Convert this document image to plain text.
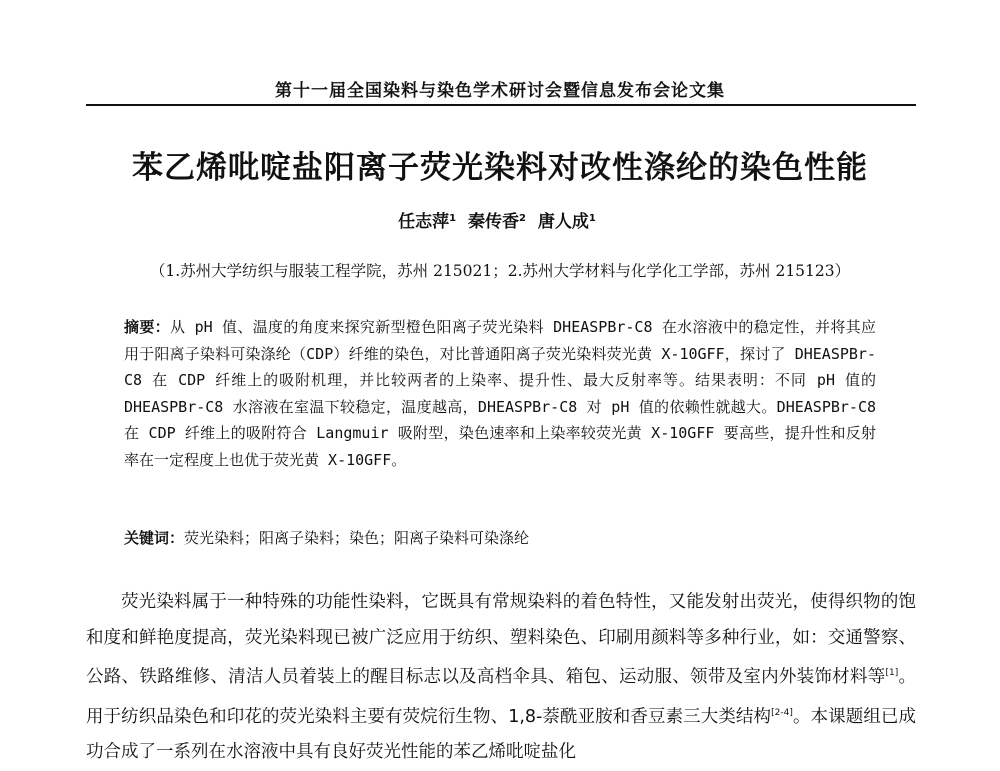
第十一届全国染料与染色学术研讨会暨信息发布会论文集
苯乙烯吡啶盐阳离子荧光染料对改性涤纶的染色性能
任志萍$^1$ 秦传香$^2$ 唐人成$^1$
（1.苏州大学纺织与服装工程学院，苏州 215021；2.苏州大学材料与化学化工学部，苏州 215123）
摘要：从 pH 值、温度的角度来探究新型橙色阳离子荧光染料 DHEASPBr-C8 在水溶液中的稳定性，并将其应用于阳离子染料可染涤纶（CDP）纤维的染色，对比普通阳离子荧光染料荧光黄 X-10GFF，探讨了 DHEASPBr-C8 在 CDP 纤维上的吸附机理，并比较两者的上染率、提升性、最大反射率等。结果表明：不同 pH 值的 DHEASPBr-C8 水溶液在室温下较稳定，温度越高，DHEASPBr-C8 对 pH 值的依赖性就越大。DHEASPBr-C8 在 CDP 纤维上的吸附符合 Langmuir 吸附型，染色速率和上染率较荧光黄 X-10GFF 要高些，提升性和反射率在一定程度上也优于荧光黄 X-10GFF。
关键词：荧光染料；阳离子染料；染色；阳离子染料可染涤纶
荧光染料属于一种特殊的功能性染料，它既具有常规染料的着色特性，又能发射出荧光，使得织物的饱和度和鲜艳度提高，荧光染料现已被广泛应用于纺织、塑料染色、印刷用颜料等多种行业，如：交通警察、公路、铁路维修、清洁人员着装上的醒目标志以及高档伞具、箱包、运动服、领带及室内外装饰材料等[1]。用于纺织品染色和印花的荧光染料主要有荧烷衍生物、1,8-萘酰亚胺和香豆素三大类结构[2-4]。本课题组已成功合成了一系列在水溶液中具有良好荧光性能的苯乙烯吡啶盐化
